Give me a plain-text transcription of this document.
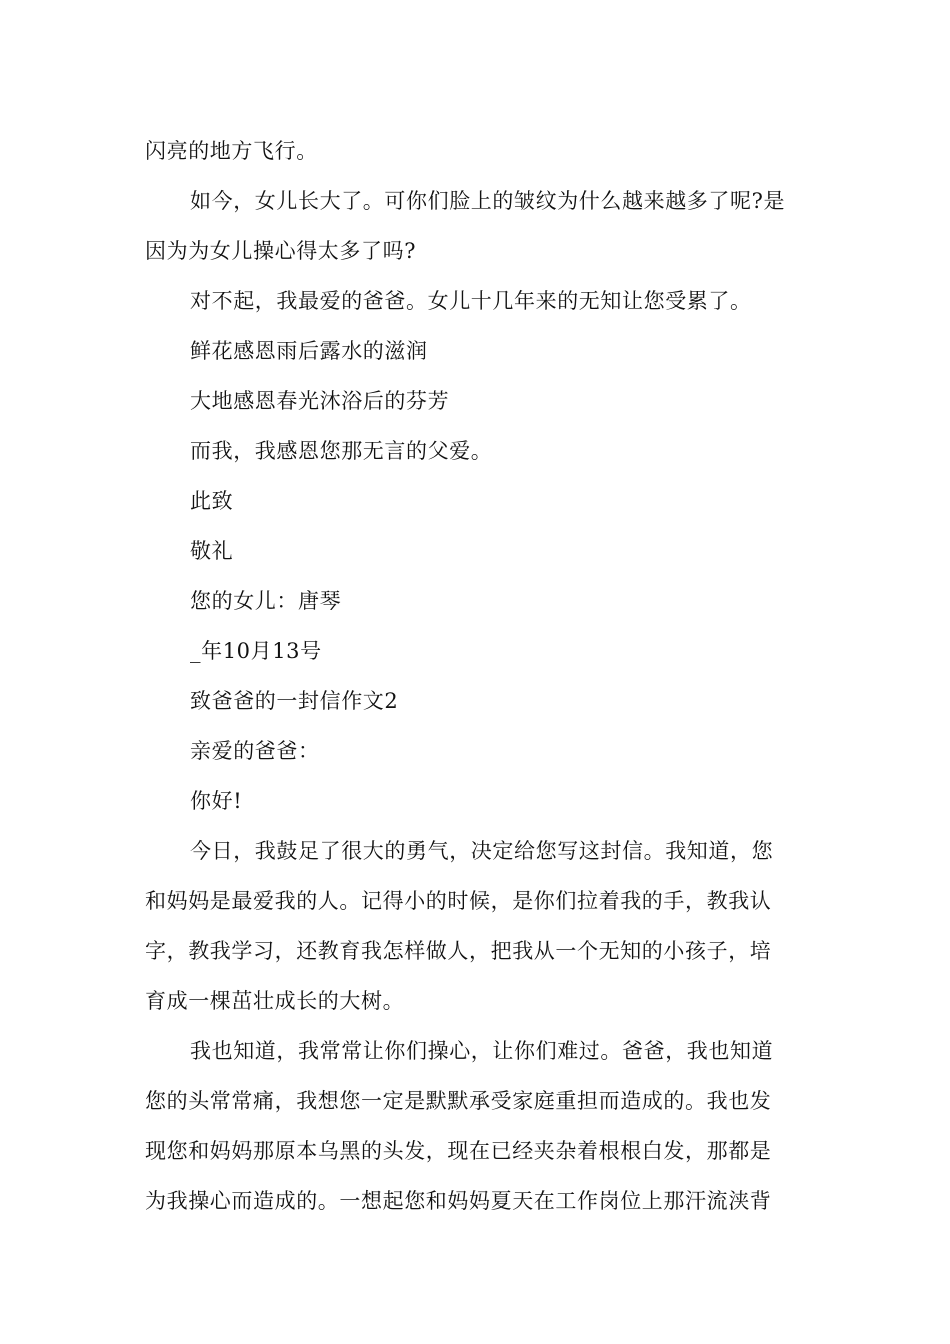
闪亮的地方飞行。
如今，女儿长大了。可你们脸上的皱纹为什么越来越多了呢?是
因为为女儿操心得太多了吗?
对不起，我最爱的爸爸。女儿十几年来的无知让您受累了。
鲜花感恩雨后露水的滋润
大地感恩春光沐浴后的芬芳
而我，我感恩您那无言的父爱。
此致
敬礼
您的女儿：唐琴
_年10月13号
致爸爸的一封信作文2
亲爱的爸爸：
你好!
今日，我鼓足了很大的勇气，决定给您写这封信。我知道，您
和妈妈是最爱我的人。记得小的时候，是你们拉着我的手，教我认
字，教我学习，还教育我怎样做人，把我从一个无知的小孩子，培
育成一棵茁壮成长的大树。
我也知道，我常常让你们操心，让你们难过。爸爸，我也知道
您的头常常痛，我想您一定是默默承受家庭重担而造成的。我也发
现您和妈妈那原本乌黑的头发，现在已经夹杂着根根白发，那都是
为我操心而造成的。一想起您和妈妈夏天在工作岗位上那汗流浃背
